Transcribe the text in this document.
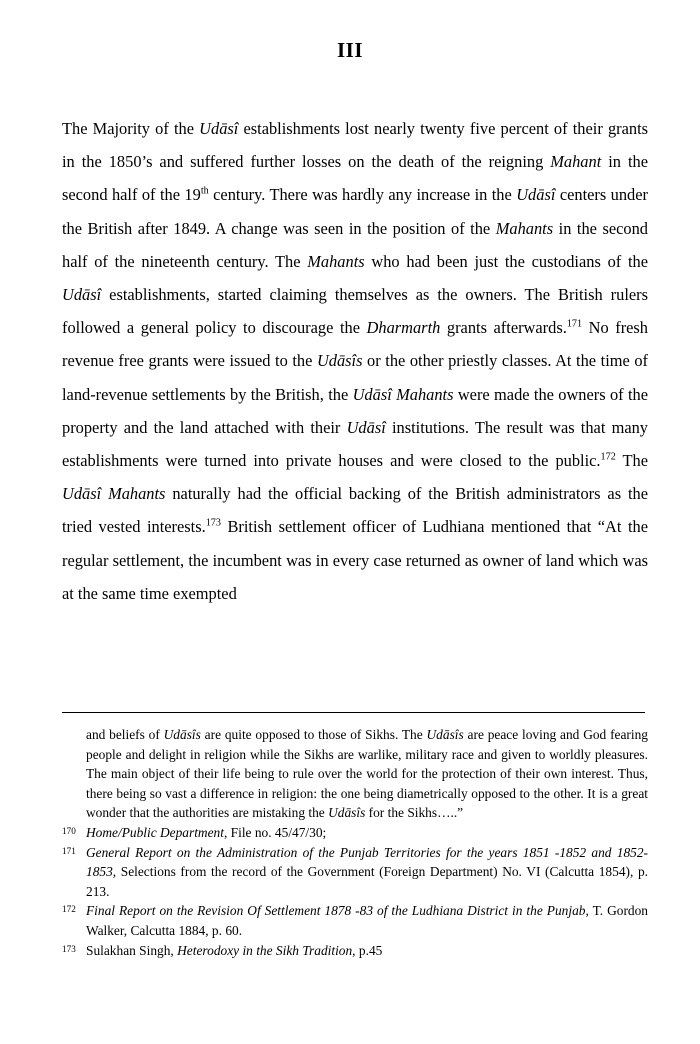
III

The Majority of the Udāsî establishments lost nearly twenty five percent of their grants in the 1850’s and suffered further losses on the death of the reigning Mahant in the second half of the 19th century. There was hardly any increase in the Udāsî centers under the British after 1849. A change was seen in the position of the Mahants in the second half of the nineteenth century. The Mahants who had been just the custodians of the Udāsî establishments, started claiming themselves as the owners. The British rulers followed a general policy to discourage the Dharmarth grants afterwards.$^{171}$ No fresh revenue free grants were issued to the Udāsîs or the other priestly classes. At the time of land-revenue settlements by the British, the Udāsî Mahants were made the owners of the property and the land attached with their Udāsî institutions. The result was that many establishments were turned into private houses and were closed to the public.$^{172}$ The Udāsî Mahants naturally had the official backing of the British administrators as the tried vested interests.$^{173}$ British settlement officer of Ludhiana mentioned that “At the regular settlement, the incumbent was in every case returned as owner of land which was at the same time exempted

and beliefs of Udāsîs are quite opposed to those of Sikhs. The Udāsîs are peace loving and God fearing people and delight in religion while the Sikhs are warlike, military race and given to worldly pleasures. The main object of their life being to rule over the world for the protection of their own interest. Thus, there being so vast a difference in religion: the one being diametrically opposed to the other. It is a great wonder that the authorities are mistaking the Udāsîs for the Sikhs…..”

170 Home/Public Department, File no. 45/47/30;

171 General Report on the Administration of the Punjab Territories for the years 1851 -1852 and 1852-1853, Selections from the record of the Government (Foreign Department) No. VI (Calcutta 1854), p. 213.

172 Final Report on the Revision Of Settlement 1878 -83 of the Ludhiana District in the Punjab, T. Gordon Walker, Calcutta 1884, p. 60.

173 Sulakhan Singh, Heterodoxy in the Sikh Tradition, p.45
